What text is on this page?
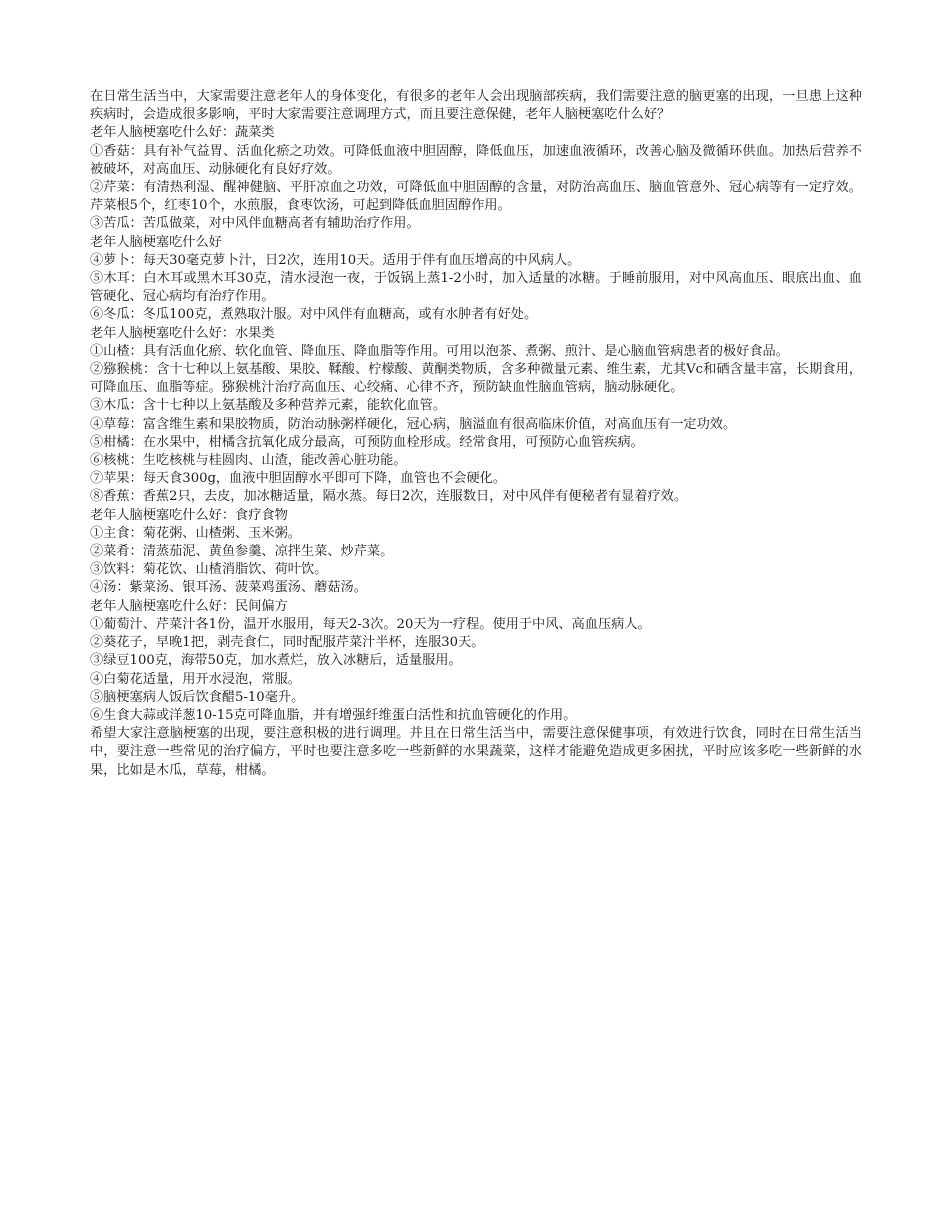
在日常生活当中，大家需要注意老年人的身体变化，有很多的老年人会出现脑部疾病，我们需要注意的脑更塞的出现，一旦患上这种疾病时，会造成很多影响，平时大家需要注意调理方式，而且要注意保健，老年人脑梗塞吃什么好？

老年人脑梗塞吃什么好：蔬菜类

①香菇：具有补气益胃、活血化瘀之功效。可降低血液中胆固醇，降低血压，加速血液循环，改善心脑及微循环供血。加热后营养不被破坏，对高血压、动脉硬化有良好疗效。

②芹菜：有清热利湿、醒神健脑、平肝凉血之功效，可降低血中胆固醇的含量，对防治高血压、脑血管意外、冠心病等有一定疗效。芹菜根5个，红枣10个，水煎服，食枣饮汤，可起到降低血胆固醇作用。

③苦瓜：苦瓜做菜，对中风伴血糖高者有辅助治疗作用。

老年人脑梗塞吃什么好

④萝卜：每天30毫克萝卜汁，日2次，连用10天。适用于伴有血压增高的中风病人。

⑤木耳：白木耳或黑木耳30克，清水浸泡一夜，于饭锅上蒸1-2小时，加入适量的冰糖。于睡前服用，对中风高血压、眼底出血、血管硬化、冠心病均有治疗作用。

⑥冬瓜：冬瓜100克，煮熟取汁服。对中风伴有血糖高，或有水肿者有好处。

老年人脑梗塞吃什么好：水果类

①山楂：具有活血化瘀、软化血管、降血压、降血脂等作用。可用以泡茶、煮粥、煎汁、是心脑血管病患者的极好食品。

②猕猴桃：含十七种以上氨基酸、果胶、鞣酸、柠檬酸、黄酮类物质，含多种微量元素、维生素，尤其Vc和硒含量丰富，长期食用，可降血压、血脂等症。猕猴桃汁治疗高血压、心绞痛、心律不齐，预防缺血性脑血管病，脑动脉硬化。

③木瓜：含十七种以上氨基酸及多种营养元素，能软化血管。

④草莓：富含维生素和果胶物质，防治动脉粥样硬化，冠心病，脑溢血有很高临床价值，对高血压有一定功效。

⑤柑橘：在水果中，柑橘含抗氧化成分最高，可预防血栓形成。经常食用，可预防心血管疾病。

⑥核桃：生吃核桃与桂圆肉、山渣，能改善心脏功能。

⑦苹果：每天食300g，血液中胆固醇水平即可下降，血管也不会硬化。

⑧香蕉：香蕉2只，去皮，加冰糖适量，隔水蒸。每日2次，连服数日，对中风伴有便秘者有显着疗效。

老年人脑梗塞吃什么好：食疗食物

①主食：菊花粥、山楂粥、玉米粥。

②菜肴：清蒸茄泥、黄鱼参羹、凉拌生菜、炒芹菜。

③饮料：菊花饮、山楂消脂饮、荷叶饮。

④汤：紫菜汤、银耳汤、菠菜鸡蛋汤、蘑菇汤。

老年人脑梗塞吃什么好：民间偏方

①葡萄汁、芹菜汁各1份，温开水服用，每天2-3次。20天为一疗程。使用于中风、高血压病人。

②葵花子，早晚1把，剥壳食仁，同时配服芹菜汁半杯，连服30天。

③绿豆100克，海带50克，加水煮烂，放入冰糖后，适量服用。

④白菊花适量，用开水浸泡，常服。

⑤脑梗塞病人饭后饮食醋5-10毫升。

⑥生食大蒜或洋葱10-15克可降血脂，并有增强纤维蛋白活性和抗血管硬化的作用。

希望大家注意脑梗塞的出现，要注意积极的进行调理。并且在日常生活当中，需要注意保健事项，有效进行饮食，同时在日常生活当中，要注意一些常见的治疗偏方，平时也要注意多吃一些新鲜的水果蔬菜，这样才能避免造成更多困扰，平时应该多吃一些新鲜的水果，比如是木瓜，草莓，柑橘。
